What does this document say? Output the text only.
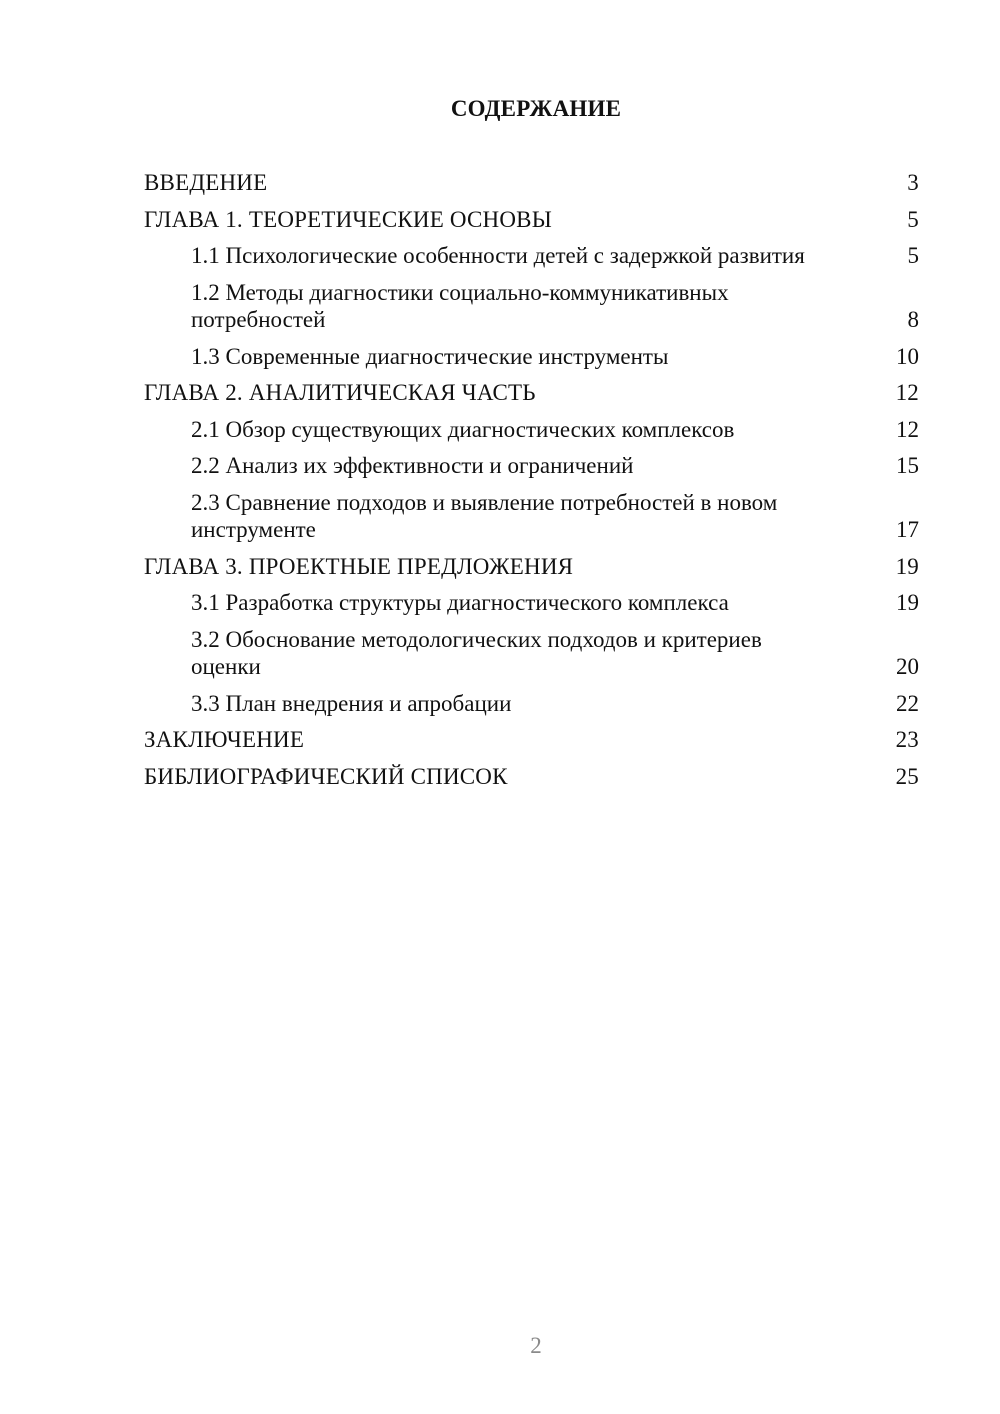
СОДЕРЖАНИЕ
ВВЕДЕНИЕ	3
ГЛАВА 1. ТЕОРЕТИЧЕСКИЕ ОСНОВЫ	5
1.1 Психологические особенности детей с задержкой развития	5
1.2 Методы диагностики социально-коммуникативных потребностей	8
1.3 Современные диагностические инструменты	10
ГЛАВА 2. АНАЛИТИЧЕСКАЯ ЧАСТЬ	12
2.1 Обзор существующих диагностических комплексов	12
2.2 Анализ их эффективности и ограничений	15
2.3 Сравнение подходов и выявление потребностей в новом инструменте	17
ГЛАВА 3. ПРОЕКТНЫЕ ПРЕДЛОЖЕНИЯ	19
3.1 Разработка структуры диагностического комплекса	19
3.2 Обоснование методологических подходов и критериев оценки	20
3.3 План внедрения и апробации	22
ЗАКЛЮЧЕНИЕ	23
БИБЛИОГРАФИЧЕСКИЙ СПИСОК	25
2
